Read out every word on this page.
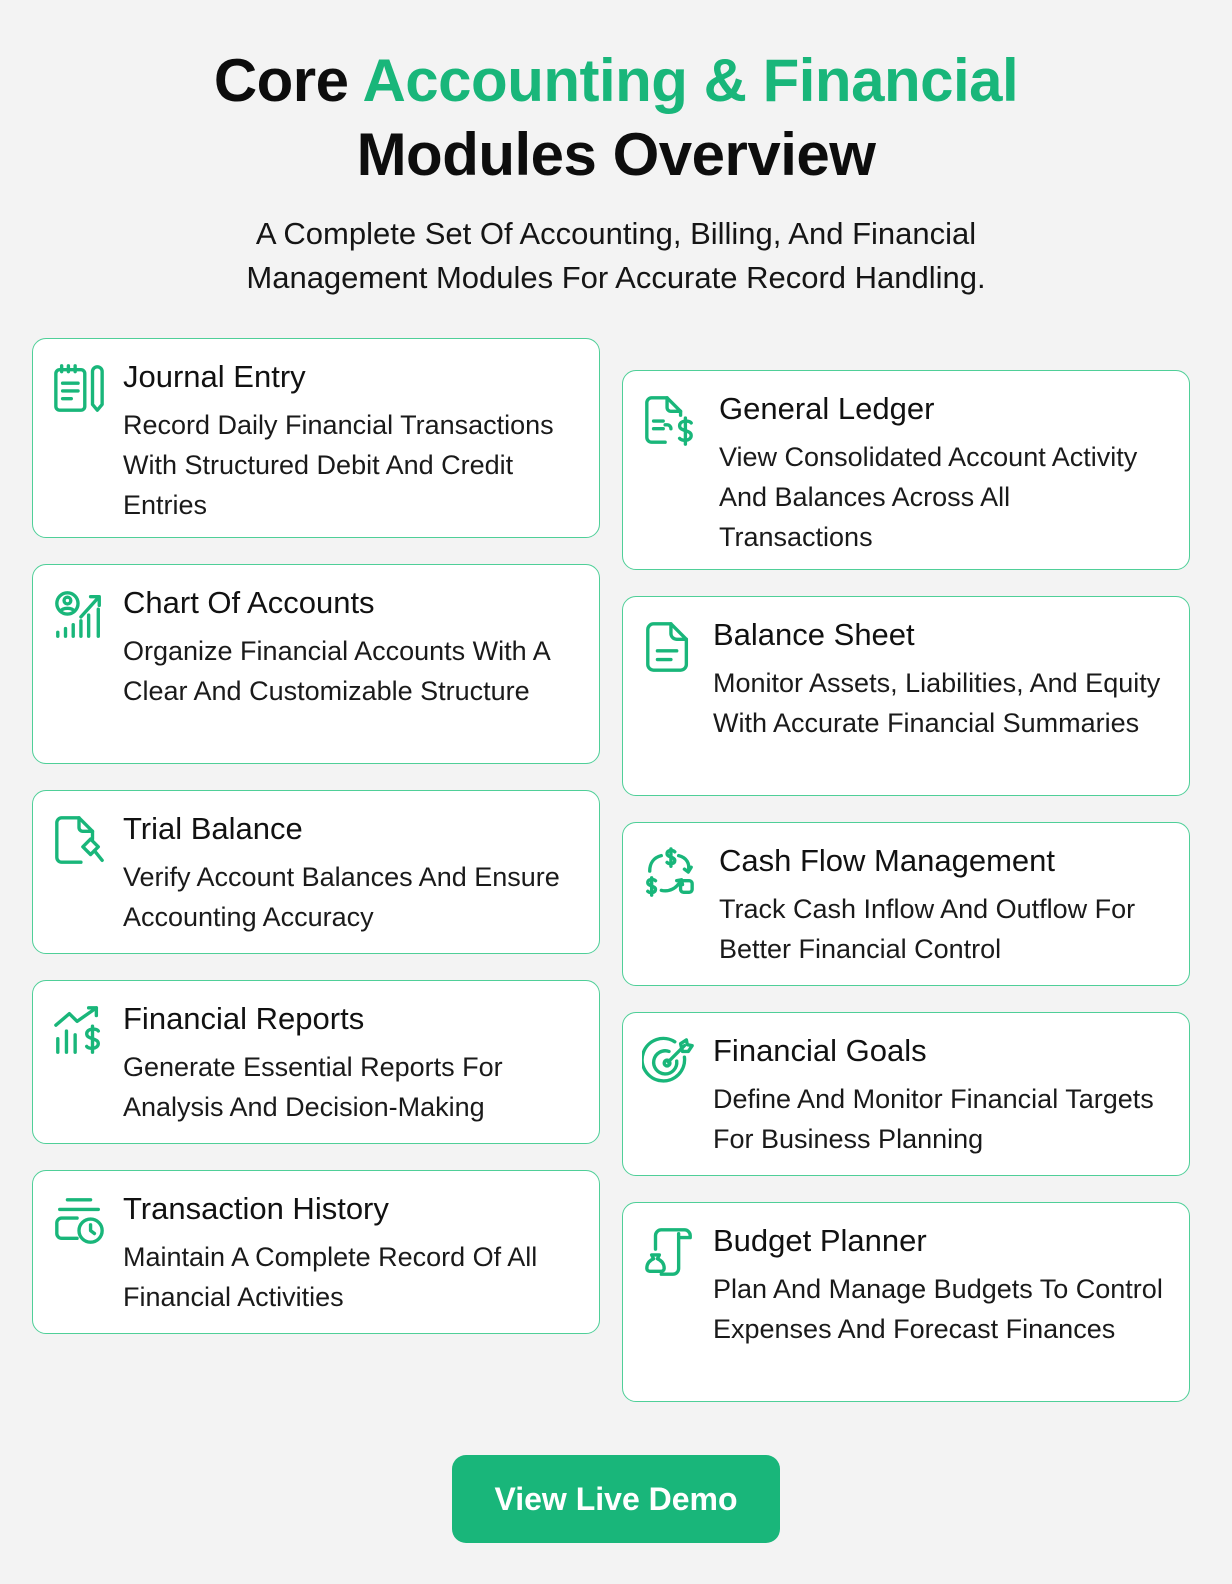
Core Accounting & Financial
Modules Overview
A Complete Set Of Accounting, Billing, And Financial
Management Modules For Accurate Record Handling.
Journal Entry
Record Daily Financial Transactions With Structured Debit And Credit Entries
Chart Of Accounts
Organize Financial Accounts With A Clear And Customizable Structure
Trial Balance
Verify Account Balances And Ensure Accounting Accuracy
Financial Reports
Generate Essential Reports For Analysis And Decision-Making
Transaction History
Maintain A Complete Record Of All Financial Activities
General Ledger
View Consolidated Account Activity And Balances Across All Transactions
Balance Sheet
Monitor Assets, Liabilities, And Equity With Accurate Financial Summaries
Cash Flow Management
Track Cash Inflow And Outflow For Better Financial Control
Financial Goals
Define And Monitor Financial Targets For Business Planning
Budget Planner
Plan And Manage Budgets To Control Expenses And Forecast Finances
View Live Demo
